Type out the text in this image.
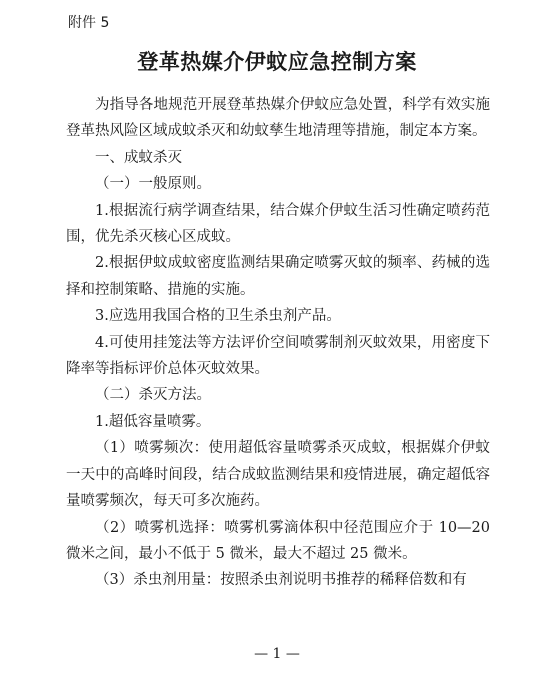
附件 5
登革热媒介伊蚊应急控制方案

为指导各地规范开展登革热媒介伊蚊应急处置，科学有效实施登革热风险区域成蚊杀灭和幼蚊孳生地清理等措施，制定本方案。

一、成蚊杀灭

（一）一般原则。

1.根据流行病学调查结果，结合媒介伊蚊生活习性确定喷药范围，优先杀灭核心区成蚊。

2.根据伊蚊成蚊密度监测结果确定喷雾灭蚊的频率、药械的选择和控制策略、措施的实施。

3.应选用我国合格的卫生杀虫剂产品。

4.可使用挂笼法等方法评价空间喷雾制剂灭蚊效果，用密度下降率等指标评价总体灭蚊效果。

（二）杀灭方法。

1.超低容量喷雾。

（1）喷雾频次：使用超低容量喷雾杀灭成蚊，根据媒介伊蚊一天中的高峰时间段，结合成蚊监测结果和疫情进展，确定超低容量喷雾频次，每天可多次施药。

（2）喷雾机选择：喷雾机雾滴体积中径范围应介于 10—20 微米之间，最小不低于 5 微米，最大不超过 25 微米。

（3）杀虫剂用量：按照杀虫剂说明书推荐的稀释倍数和有

— 1 —
